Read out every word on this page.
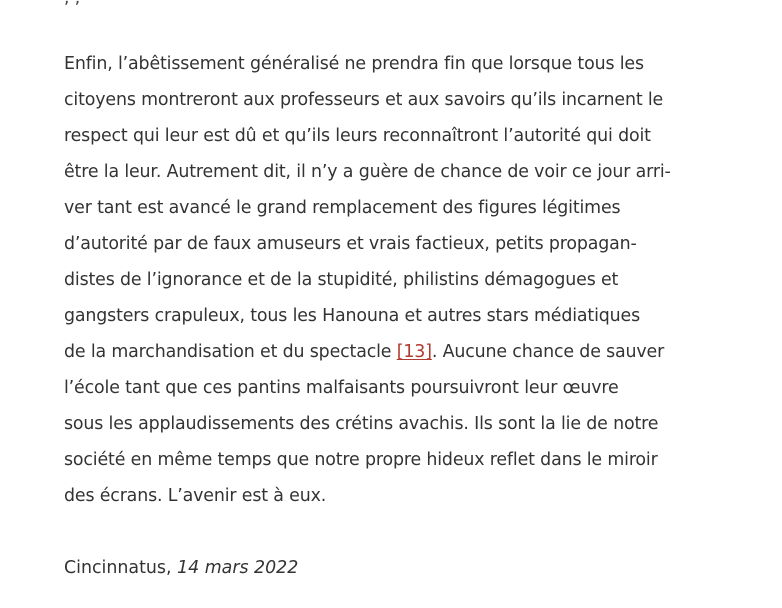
Enfin, l’abêtissement généralisé ne prendra fin que lorsque tous les
citoyens montreront aux professeurs et aux savoirs qu’ils incarnent le
respect qui leur est dû et qu’ils leurs reconnaîtront l’autorité qui doit
être la leur. Autrement dit, il n’y a guère de chance de voir ce jour arri-
ver tant est avancé le grand remplacement des figures légitimes
d’autorité par de faux amuseurs et vrais factieux, petits propagan-
distes de l’ignorance et de la stupidité, philistins démagogues et
gangsters crapuleux, tous les Hanouna et autres stars médiatiques
de la marchandisation et du spectacle [13]. Aucune chance de sauver
l’école tant que ces pantins malfaisants poursuivront leur œuvre
sous les applaudissements des crétins avachis. Ils sont la lie de notre
société en même temps que notre propre hideux reflet dans le miroir
des écrans. L’avenir est à eux.
Cincinnatus, 14 mars 2022
